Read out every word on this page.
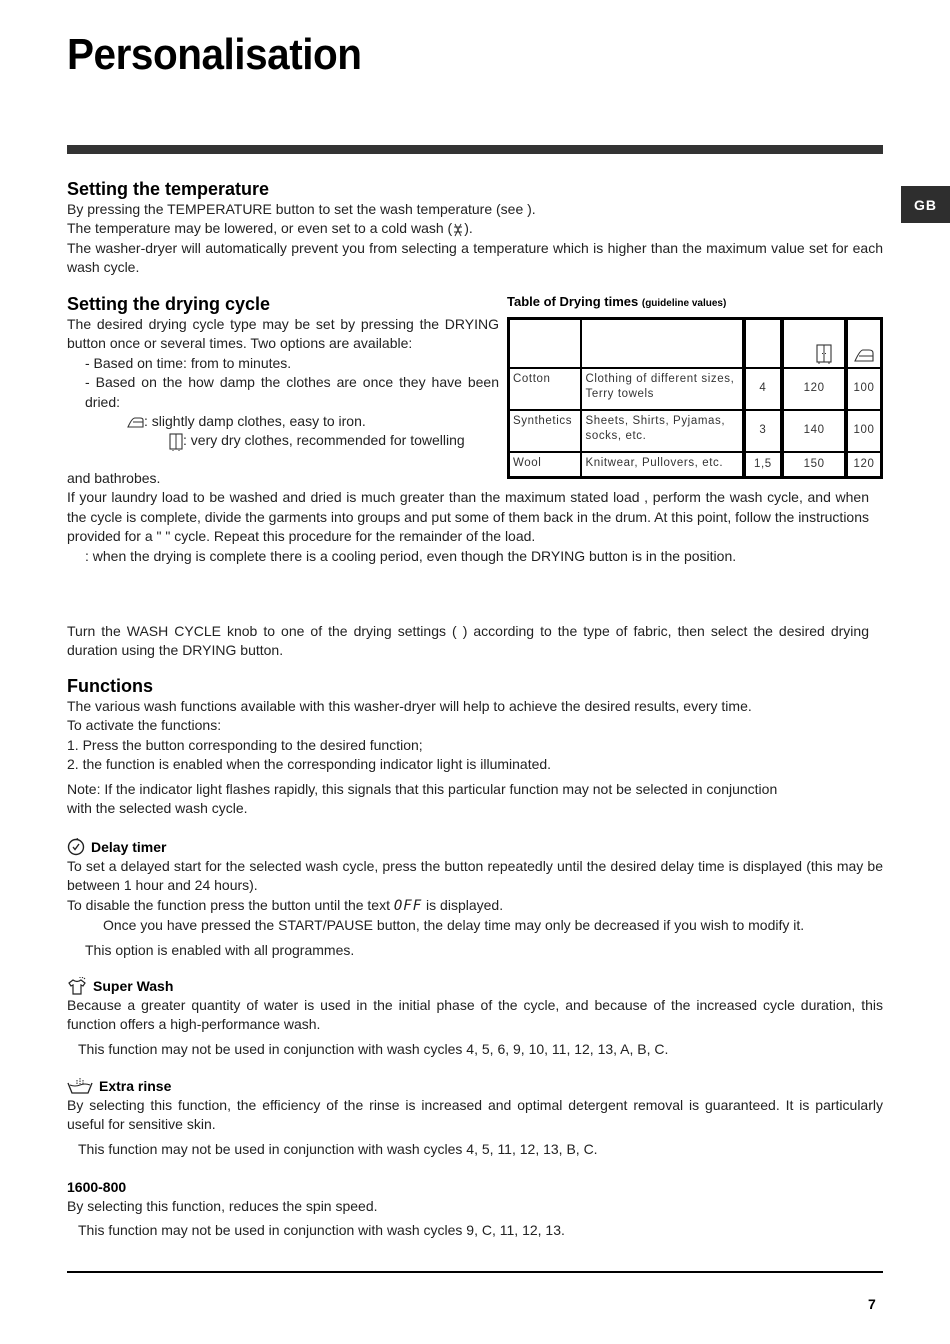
Personalisation
GB
Setting the temperature

By pressing the TEMPERATURE button to set the wash temperature (see ).

The temperature may be lowered, or even set to a cold wash ( ).

The washer-dryer will automatically prevent you from selecting a temperature which is higher than the maximum value set for each wash cycle.

Setting the drying cycle

The desired drying cycle type may be set by pressing the DRYING button once or several times. Two options are available:

- Based on time: from to minutes.

- Based on the how damp the clothes are once they have been dried:

: slightly damp clothes, easy to iron.

: very dry clothes, recommended for towelling

and bathrobes.

If your laundry load to be washed and dried is much greater than the maximum stated load , perform the wash cycle, and when the cycle is complete, divide the garments into groups and put some of them back in the drum. At this point, follow the instructions provided for a " " cycle. Repeat this procedure for the remainder of the load.

: when the drying is complete there is a cooling period, even though the DRYING button is in the position.

Turn the WASH CYCLE knob to one of the drying settings ( ) according to the type of fabric, then select the desired drying duration using the DRYING button.

Table of Drying times (guideline values)

Cotton	Clothing of different sizes, Terry towels	4	120	100
Synthetics	Sheets, Shirts, Pyjamas, socks, etc.	3	140	100
Wool	Knitwear, Pullovers, etc.	1,5	150	120
Functions

The various wash functions available with this washer-dryer will help to achieve the desired results, every time.

To activate the functions:

1. Press the button corresponding to the desired function;

2. the function is enabled when the corresponding indicator light is illuminated.

Note: If the indicator light flashes rapidly, this signals that this particular function may not be selected in conjunction with the selected wash cycle.

Delay timer

To set a delayed start for the selected wash cycle, press the button repeatedly until the desired delay time is displayed (this may be between 1 hour and 24 hours).

To disable the function press the button until the text OFF is displayed.

Once you have pressed the START/PAUSE button, the delay time may only be decreased if you wish to modify it.

This option is enabled with all programmes.

Super Wash

Because a greater quantity of water is used in the initial phase of the cycle, and because of the increased cycle duration, this function offers a high-performance wash.

This function may not be used in conjunction with wash cycles 4, 5, 6, 9, 10, 11, 12, 13, A, B, C.

Extra rinse

By selecting this function, the efficiency of the rinse is increased and optimal detergent removal is guaranteed. It is particularly useful for sensitive skin.

This function may not be used in conjunction with wash cycles 4, 5, 11, 12, 13, B, C.

1600-800

By selecting this function, reduces the spin speed.

This function may not be used in conjunction with wash cycles 9, C, 11, 12, 13.

7
